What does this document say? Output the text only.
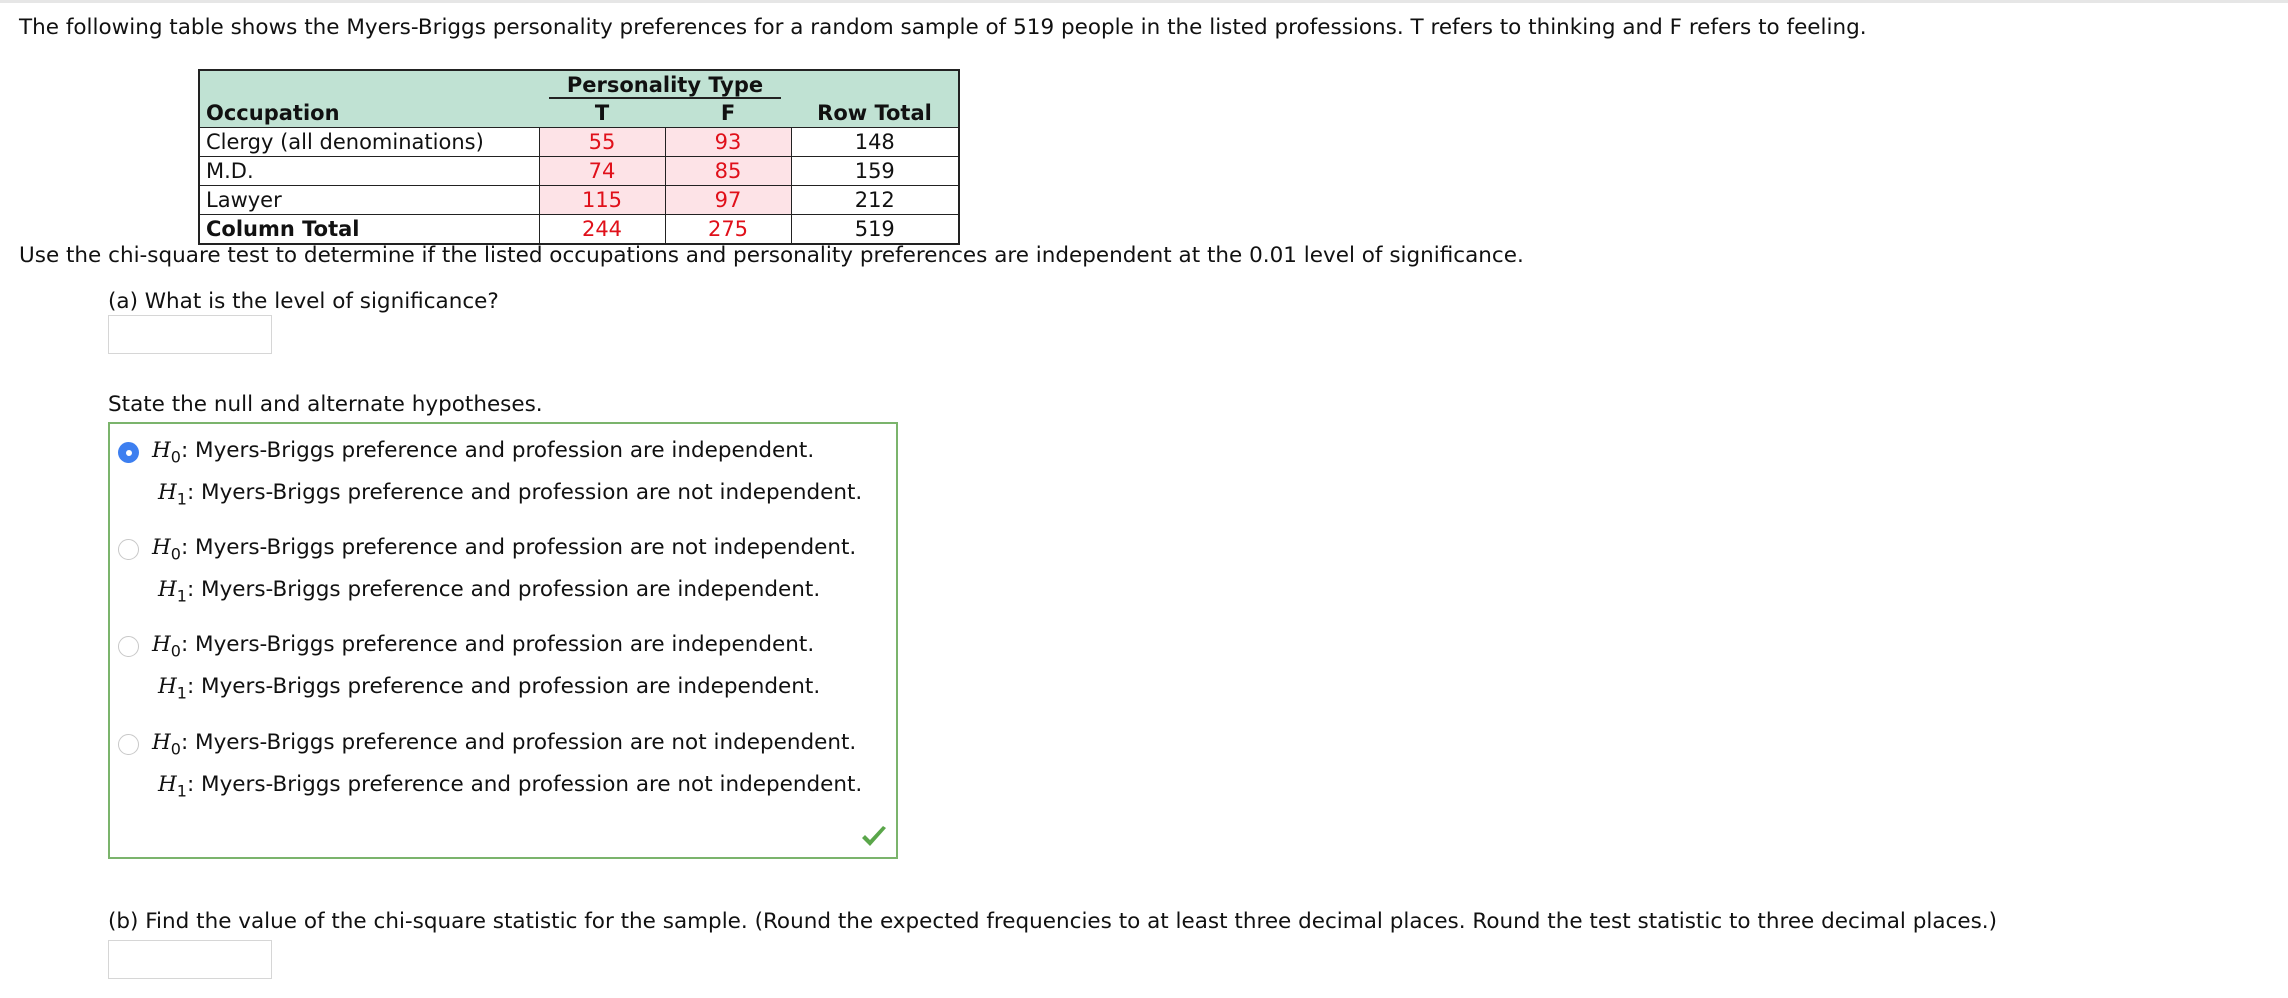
The following table shows the Myers-Briggs personality preferences for a random sample of 519 people in the listed professions. T refers to thinking and F refers to feeling.
	Personality Type		
Occupation	T	F	Row Total
Clergy (all denominations)	55	93	148
M.D.	74	85	159
Lawyer	115	97	212
Column Total	244	275	519
Use the chi-square test to determine if the listed occupations and personality preferences are independent at the 0.01 level of significance.
(a) What is the level of significance?
State the null and alternate hypotheses.
$H_0$: Myers-Briggs preference and profession are independent.
$H_1$: Myers-Briggs preference and profession are not independent.
$H_0$: Myers-Briggs preference and profession are not independent.
$H_1$: Myers-Briggs preference and profession are independent.
$H_0$: Myers-Briggs preference and profession are independent.
$H_1$: Myers-Briggs preference and profession are independent.
$H_0$: Myers-Briggs preference and profession are not independent.
$H_1$: Myers-Briggs preference and profession are not independent.
(b) Find the value of the chi-square statistic for the sample. (Round the expected frequencies to at least three decimal places. Round the test statistic to three decimal places.)
